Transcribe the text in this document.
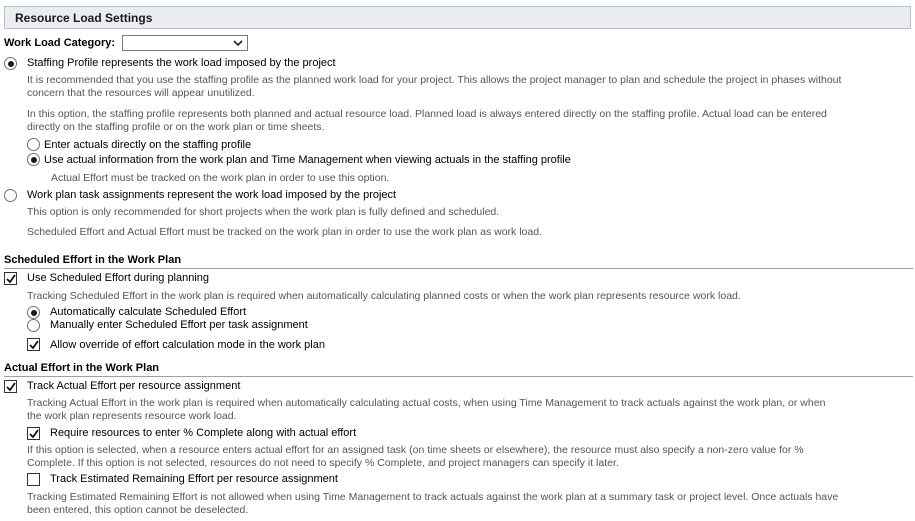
Resource Load Settings
Work Load Category:
Staffing Profile represents the work load imposed by the project
It is recommended that you use the staffing profile as the planned work load for your project. This allows the project manager to plan and schedule the project in phases without
concern that the resources will appear unutilized.
In this option, the staffing profile represents both planned and actual resource load. Planned load is always entered directly on the staffing profile. Actual load can be entered
directly on the staffing profile or on the work plan or time sheets.
Enter actuals directly on the staffing profile
Use actual information from the work plan and Time Management when viewing actuals in the staffing profile
Actual Effort must be tracked on the work plan in order to use this option.
Work plan task assignments represent the work load imposed by the project
This option is only recommended for short projects when the work plan is fully defined and scheduled.
Scheduled Effort and Actual Effort must be tracked on the work plan in order to use the work plan as work load.
Scheduled Effort in the Work Plan
Use Scheduled Effort during planning
Tracking Scheduled Effort in the work plan is required when automatically calculating planned costs or when the work plan represents resource work load.
Automatically calculate Scheduled Effort
Manually enter Scheduled Effort per task assignment
Allow override of effort calculation mode in the work plan
Actual Effort in the Work Plan
Track Actual Effort per resource assignment
Tracking Actual Effort in the work plan is required when automatically calculating actual costs, when using Time Management to track actuals against the work plan, or when
the work plan represents resource work load.
Require resources to enter % Complete along with actual effort
If this option is selected, when a resource enters actual effort for an assigned task (on time sheets or elsewhere), the resource must also specify a non-zero value for %
Complete. If this option is not selected, resources do not need to specify % Complete, and project managers can specify it later.
Track Estimated Remaining Effort per resource assignment
Tracking Estimated Remaining Effort is not allowed when using Time Management to track actuals against the work plan at a summary task or project level. Once actuals have
been entered, this option cannot be deselected.
